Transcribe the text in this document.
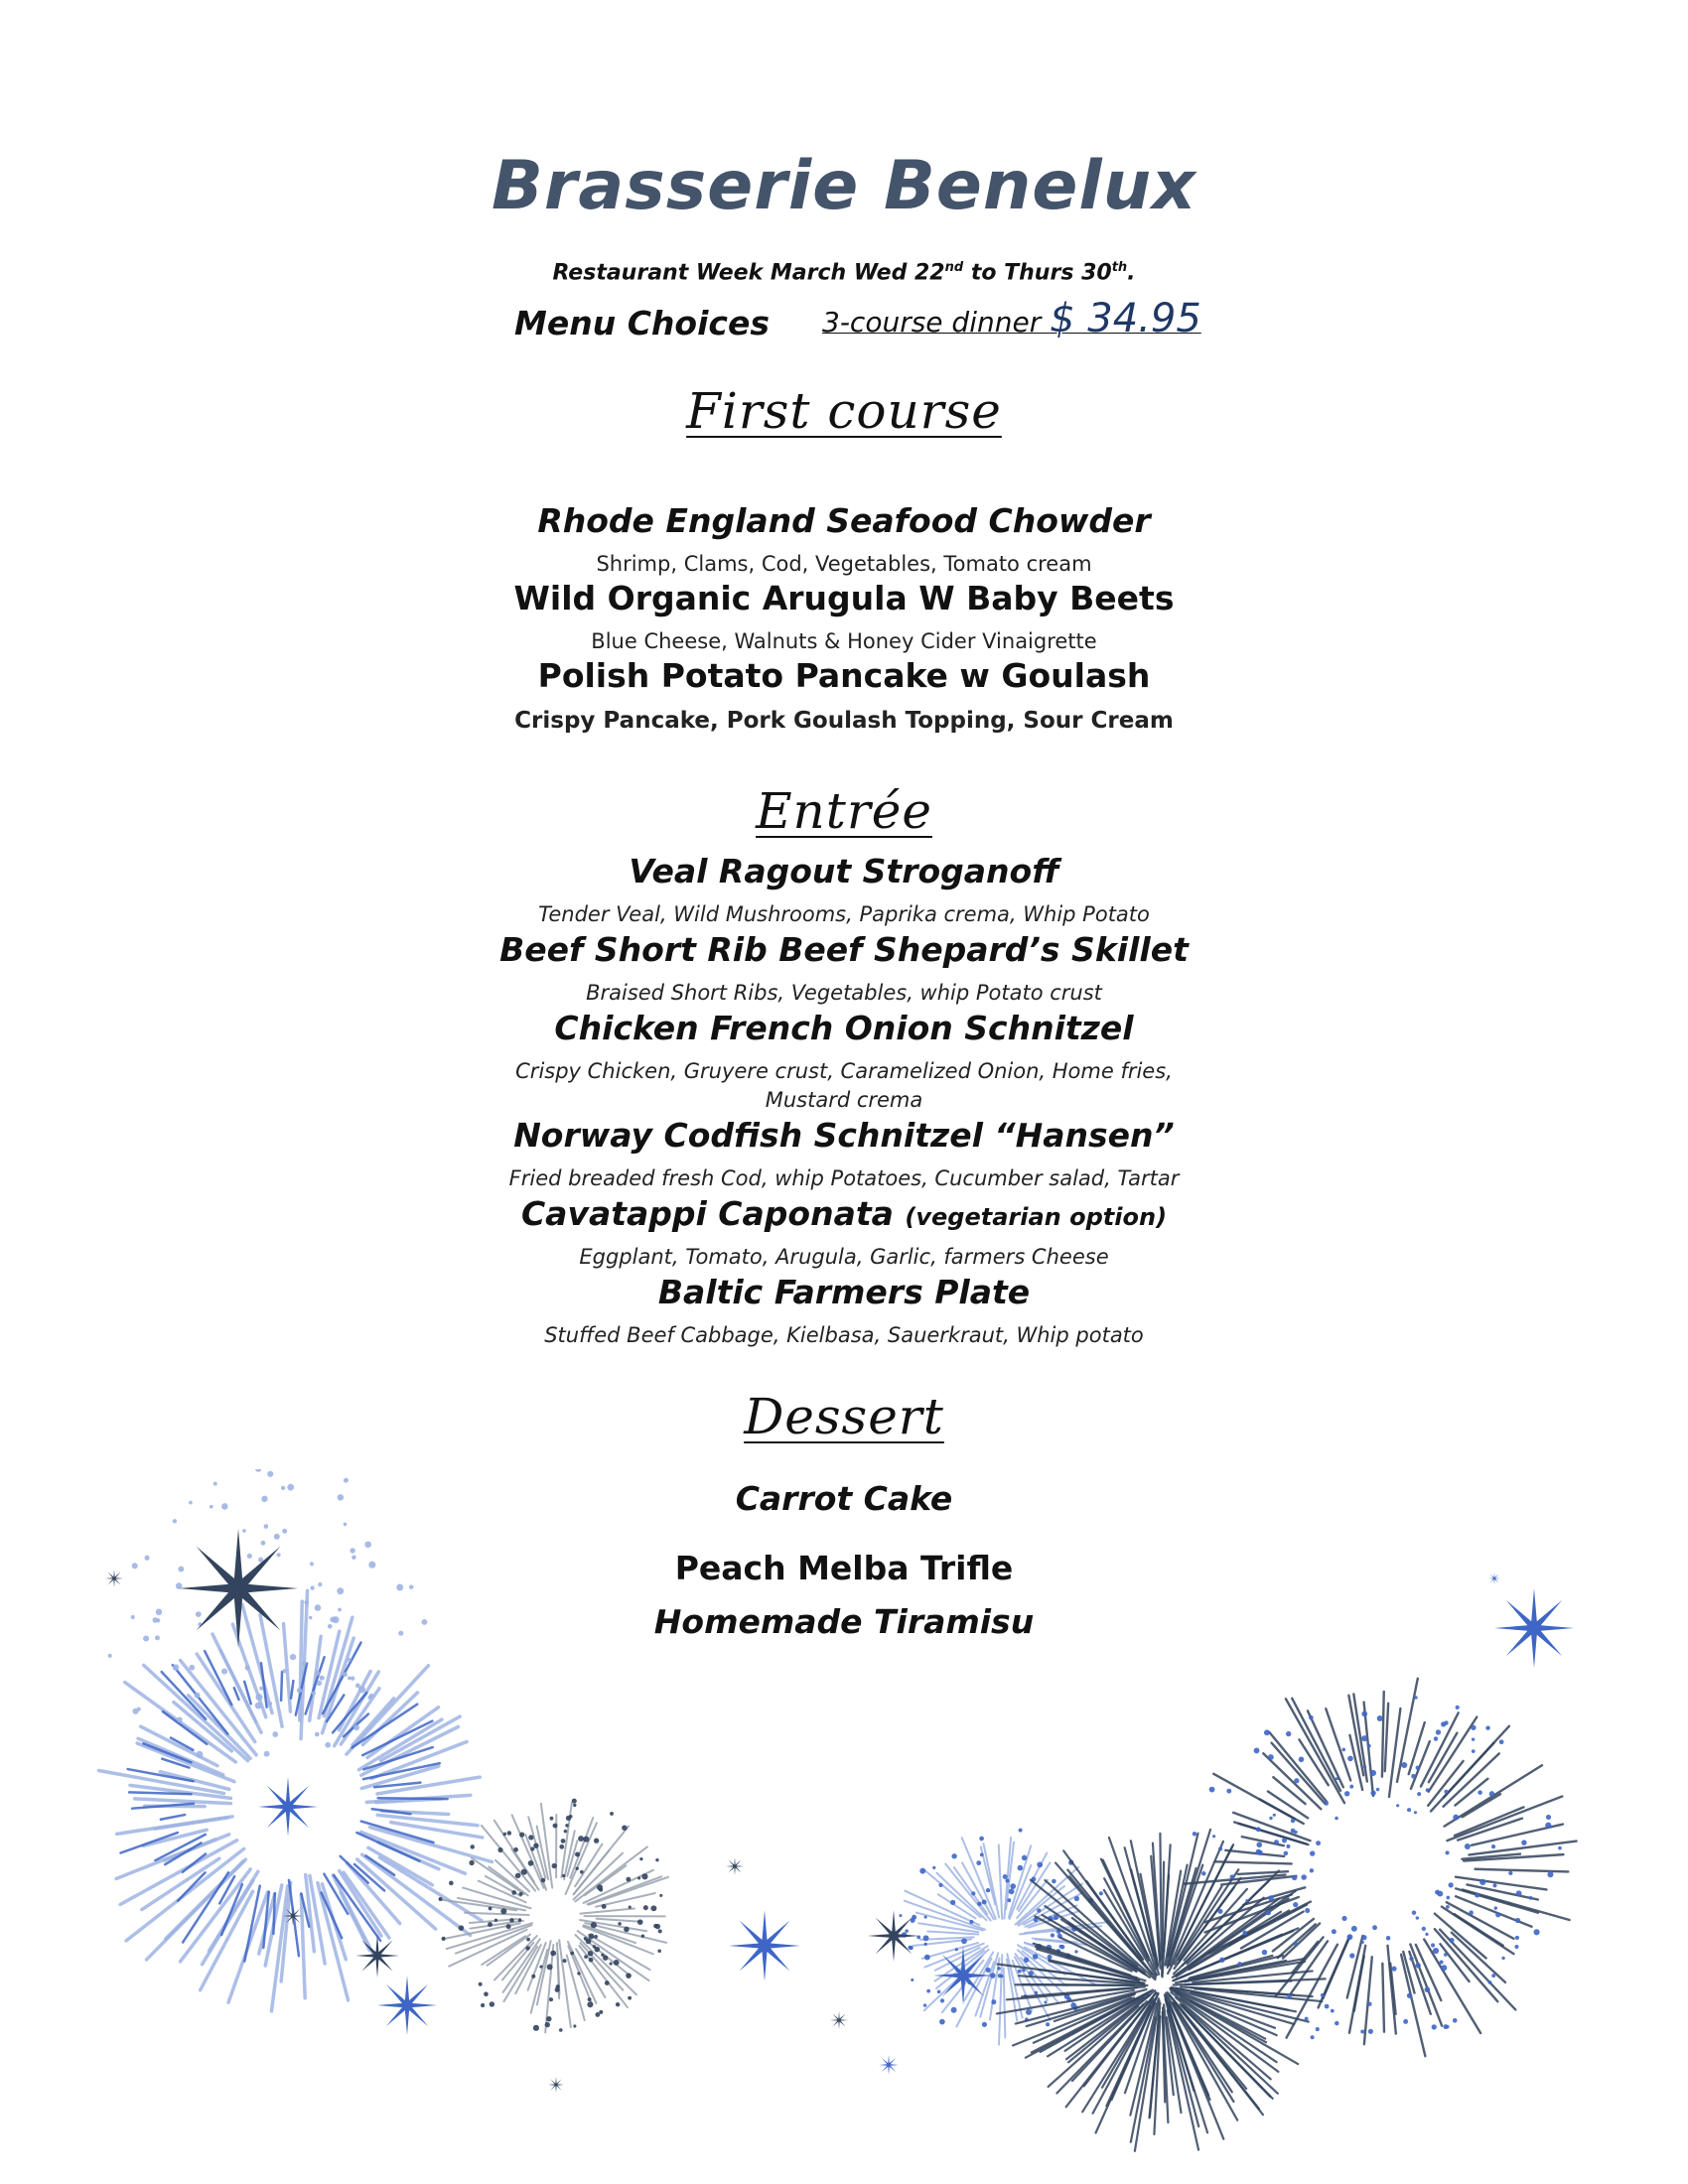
Brasserie Benelux
Restaurant Week March Wed 22nd to Thurs 30th.
Menu Choices 3-course dinner $ 34.95
First course
Rhode England Seafood Chowder
Shrimp, Clams, Cod, Vegetables, Tomato cream
Wild Organic Arugula W Baby Beets
Blue Cheese, Walnuts & Honey Cider Vinaigrette
Polish Potato Pancake w Goulash
Crispy Pancake, Pork Goulash Topping, Sour Cream
Entrée
Veal Ragout Stroganoff
Tender Veal, Wild Mushrooms, Paprika crema, Whip Potato
Beef Short Rib Beef Shepard’s Skillet
Braised Short Ribs, Vegetables, whip Potato crust
Chicken French Onion Schnitzel
Crispy Chicken, Gruyere crust, Caramelized Onion, Home fries,
Mustard crema
Norway Codfish Schnitzel “Hansen”
Fried breaded fresh Cod, whip Potatoes, Cucumber salad, Tartar
Cavatappi Caponata (vegetarian option)
Eggplant, Tomato, Arugula, Garlic, farmers Cheese
Baltic Farmers Plate
Stuffed Beef Cabbage, Kielbasa, Sauerkraut, Whip potato
Dessert
Carrot Cake
Peach Melba Trifle
Homemade Tiramisu
